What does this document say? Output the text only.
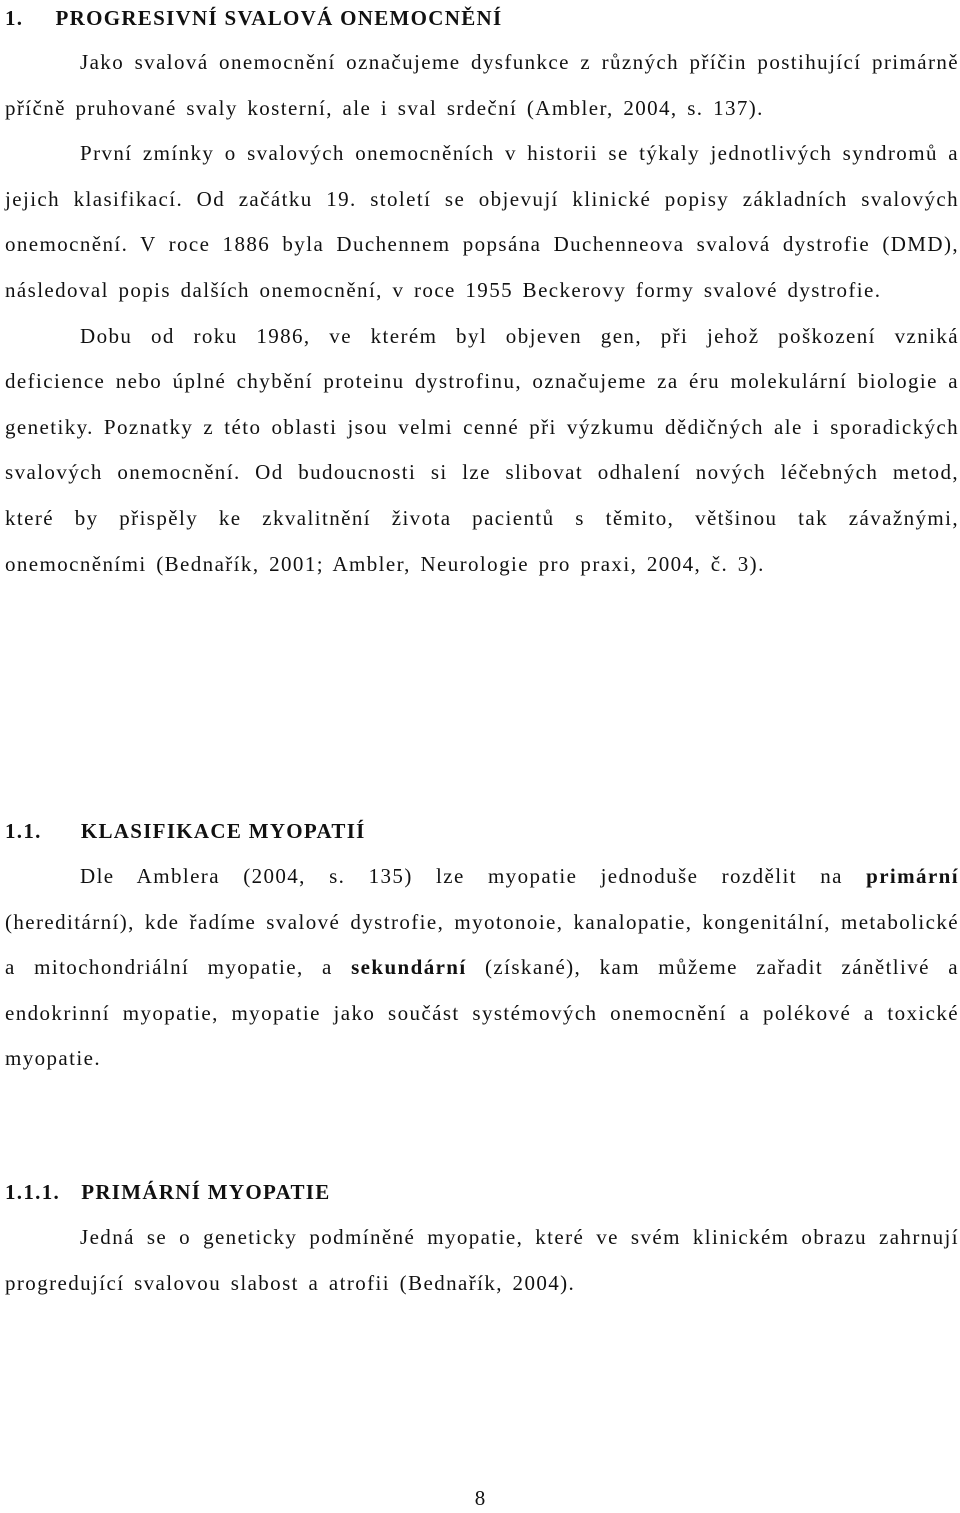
1. PROGRESIVNÍ SVALOVÁ ONEMOCNĚNÍ

Jako svalová onemocnění označujeme dysfunkce z různých příčin postihující primárně příčně pruhované svaly kosterní, ale i sval srdeční (Ambler, 2004, s. 137).

První zmínky o svalových onemocněních v historii se týkaly jednotlivých syndromů a jejich klasifikací. Od začátku 19. století se objevují klinické popisy základních svalových onemocnění. V roce 1886 byla Duchennem popsána Duchenneova svalová dystrofie (DMD), následoval popis dalších onemocnění, v roce 1955 Beckerovy formy svalové dystrofie.

Dobu od roku 1986, ve kterém byl objeven gen, při jehož poškození vzniká deficience nebo úplné chybění proteinu dystrofinu, označujeme za éru molekulární biologie a genetiky. Poznatky z této oblasti jsou velmi cenné při výzkumu dědičných ale i sporadických svalových onemocnění. Od budoucnosti si lze slibovat odhalení nových léčebných metod, které by přispěly ke zkvalitnění života pacientů s těmito, většinou tak závažnými, onemocněními (Bednařík, 2001; Ambler, Neurologie pro praxi, 2004, č. 3).

1.1. KLASIFIKACE MYOPATIÍ

Dle Amblera (2004, s. 135) lze myopatie jednoduše rozdělit na primární (hereditární), kde řadíme svalové dystrofie, myotonoie, kanalopatie, kongenitální, metabolické a mitochondriální myopatie, a sekundární (získané), kam můžeme zařadit zánětlivé a endokrinní myopatie, myopatie jako součást systémových onemocnění a polékové a toxické myopatie.

1.1.1. PRIMÁRNÍ MYOPATIE

Jedná se o geneticky podmíněné myopatie, které ve svém klinickém obrazu zahrnují progredující svalovou slabost a atrofii (Bednařík, 2004).

8
